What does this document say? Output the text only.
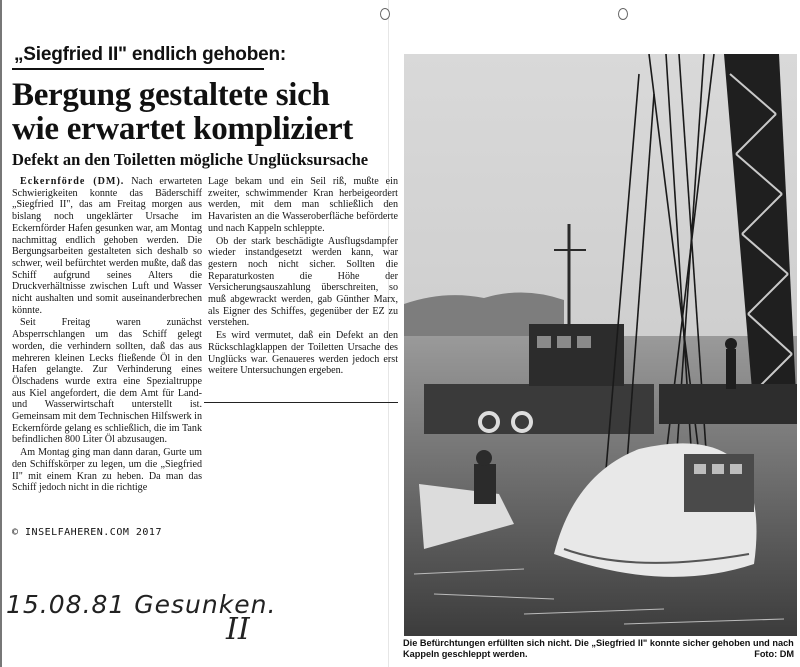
„Siegfried II" endlich gehoben:
Bergung gestaltete sich
wie erwartet kompliziert
Defekt an den Toiletten mögliche Unglücksursache

Eckernförde (DM). Nach erwarteten Schwierigkeiten konnte das Bäderschiff „Siegfried II", das am Freitag morgen aus bislang noch ungeklärter Ursache im Eckernförder Hafen gesunken war, am Montag nachmittag endlich gehoben werden. Die Bergungsarbeiten gestalteten sich deshalb so schwer, weil befürchtet werden mußte, daß das Schiff aufgrund seines Alters die Druckverhältnisse zwischen Luft und Wasser nicht aushalten und somit auseinanderbrechen könnte.

Seit Freitag waren zunächst Absperrschlangen um das Schiff gelegt worden, die verhindern sollten, daß das aus mehreren kleinen Lecks fließende Öl in den Hafen gelangte. Zur Verhinderung eines Ölschadens wurde extra eine Spezialtruppe aus Kiel angefordert, die dem Amt für Land- und Wasserwirtschaft unterstellt ist. Gemeinsam mit dem Technischen Hilfswerk in Eckernförde gelang es schließlich, die im Tank befindlichen 800 Liter Öl abzusaugen.

Am Montag ging man dann daran, Gurte um den Schiffskörper zu legen, um die „Siegfried II" mit einem Kran zu heben. Da man das Schiff jedoch nicht in die richtige

Lage bekam und ein Seil riß, mußte ein zweiter, schwimmender Kran herbeigeordert werden, mit dem man schließlich den Havaristen an die Wasseroberfläche beförderte und nach Kappeln schleppte.

Ob der stark beschädigte Ausflugsdampfer wieder instandgesetzt werden kann, war gestern noch nicht sicher. Sollten die Reparaturkosten die Höhe der Versicherungsauszahlung überschreiten, so muß abgewrackt werden, gab Günther Marx, als Eigner des Schiffes, gegenüber der EZ zu verstehen.

Es wird vermutet, daß ein Defekt an den Rückschlagklappen der Toiletten Ursache des Unglücks war. Genaueres werden jedoch erst weitere Untersuchungen ergeben.

© INSELFAHEREN.COM 2017
15.08.81 Gesunken.
II	Die Befürchtungen erfüllten sich nicht. Die „Siegfried II" konnte sicher gehoben und nach Kappeln geschleppt werden.	Foto: DM
